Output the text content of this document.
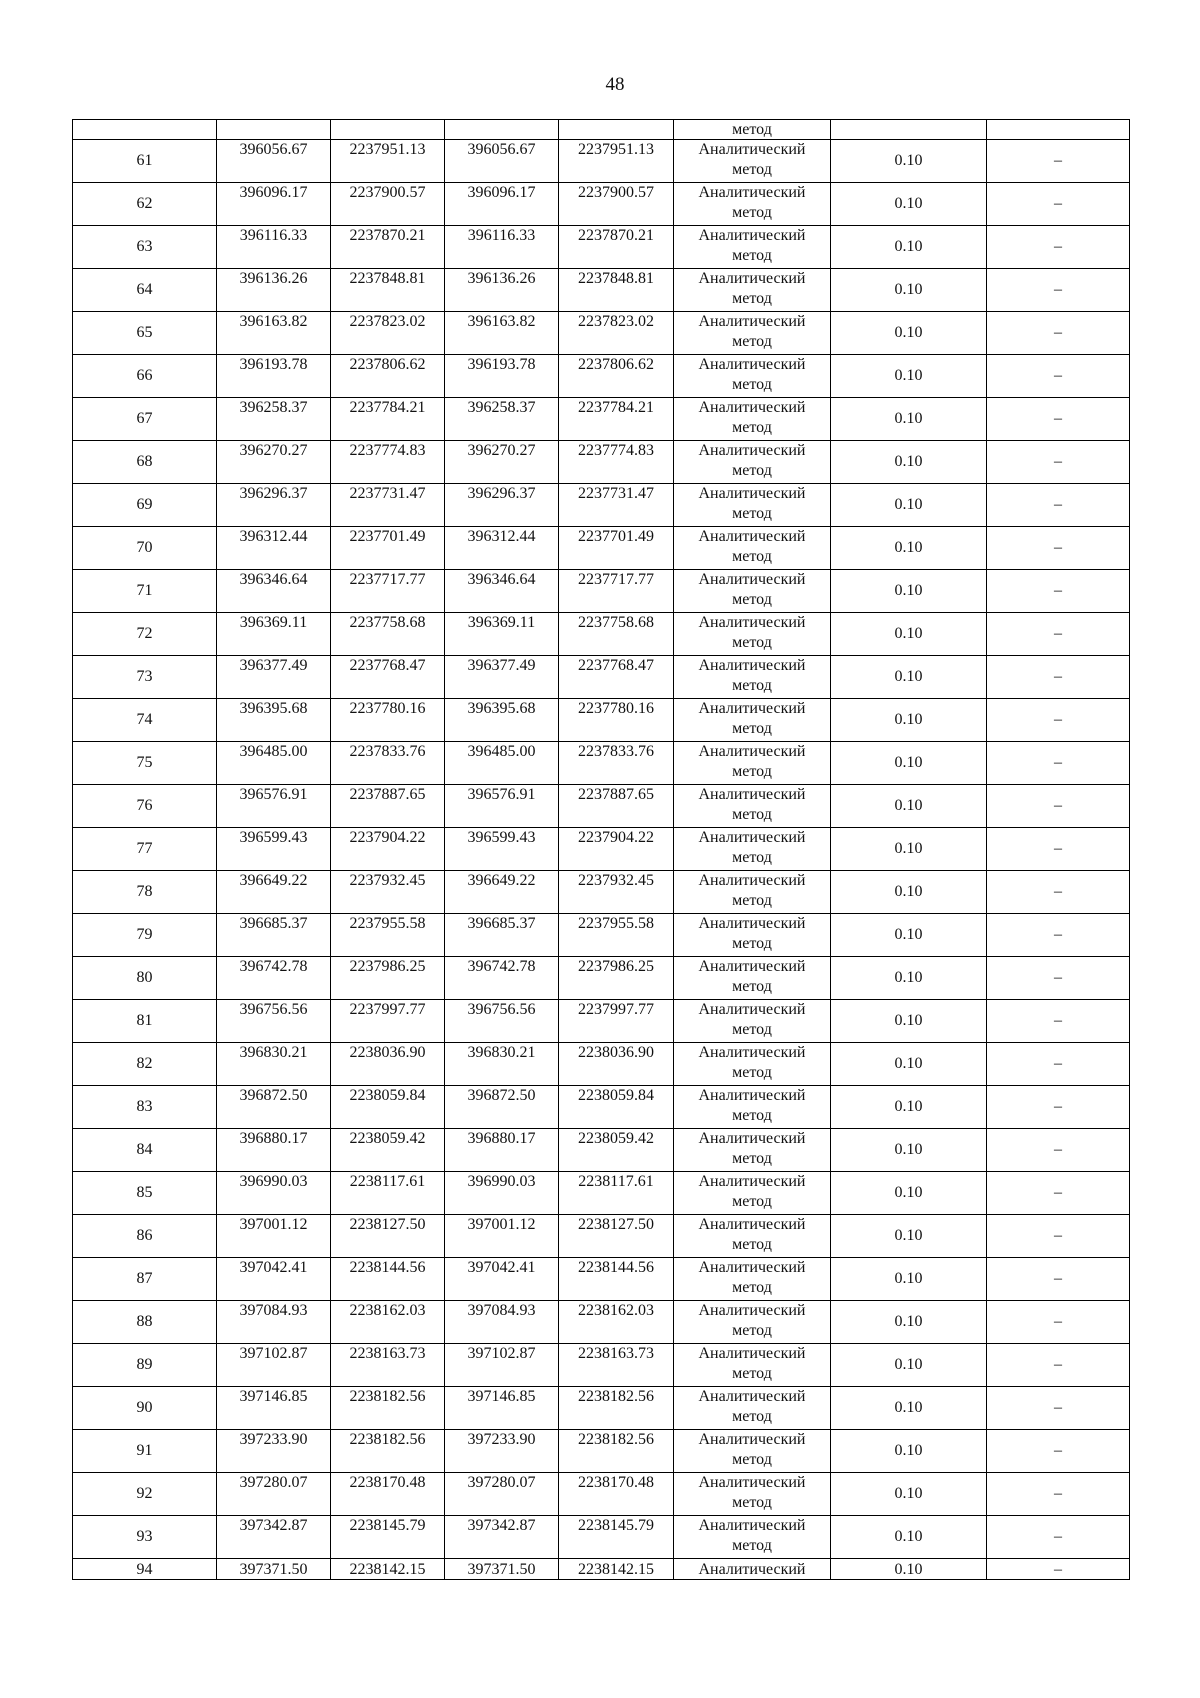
48
					метод		
61	396056.67	2237951.13	396056.67	2237951.13	Аналитический
метод	0.10	–
62	396096.17	2237900.57	396096.17	2237900.57	Аналитический
метод	0.10	–
63	396116.33	2237870.21	396116.33	2237870.21	Аналитический
метод	0.10	–
64	396136.26	2237848.81	396136.26	2237848.81	Аналитический
метод	0.10	–
65	396163.82	2237823.02	396163.82	2237823.02	Аналитический
метод	0.10	–
66	396193.78	2237806.62	396193.78	2237806.62	Аналитический
метод	0.10	–
67	396258.37	2237784.21	396258.37	2237784.21	Аналитический
метод	0.10	–
68	396270.27	2237774.83	396270.27	2237774.83	Аналитический
метод	0.10	–
69	396296.37	2237731.47	396296.37	2237731.47	Аналитический
метод	0.10	–
70	396312.44	2237701.49	396312.44	2237701.49	Аналитический
метод	0.10	–
71	396346.64	2237717.77	396346.64	2237717.77	Аналитический
метод	0.10	–
72	396369.11	2237758.68	396369.11	2237758.68	Аналитический
метод	0.10	–
73	396377.49	2237768.47	396377.49	2237768.47	Аналитический
метод	0.10	–
74	396395.68	2237780.16	396395.68	2237780.16	Аналитический
метод	0.10	–
75	396485.00	2237833.76	396485.00	2237833.76	Аналитический
метод	0.10	–
76	396576.91	2237887.65	396576.91	2237887.65	Аналитический
метод	0.10	–
77	396599.43	2237904.22	396599.43	2237904.22	Аналитический
метод	0.10	–
78	396649.22	2237932.45	396649.22	2237932.45	Аналитический
метод	0.10	–
79	396685.37	2237955.58	396685.37	2237955.58	Аналитический
метод	0.10	–
80	396742.78	2237986.25	396742.78	2237986.25	Аналитический
метод	0.10	–
81	396756.56	2237997.77	396756.56	2237997.77	Аналитический
метод	0.10	–
82	396830.21	2238036.90	396830.21	2238036.90	Аналитический
метод	0.10	–
83	396872.50	2238059.84	396872.50	2238059.84	Аналитический
метод	0.10	–
84	396880.17	2238059.42	396880.17	2238059.42	Аналитический
метод	0.10	–
85	396990.03	2238117.61	396990.03	2238117.61	Аналитический
метод	0.10	–
86	397001.12	2238127.50	397001.12	2238127.50	Аналитический
метод	0.10	–
87	397042.41	2238144.56	397042.41	2238144.56	Аналитический
метод	0.10	–
88	397084.93	2238162.03	397084.93	2238162.03	Аналитический
метод	0.10	–
89	397102.87	2238163.73	397102.87	2238163.73	Аналитический
метод	0.10	–
90	397146.85	2238182.56	397146.85	2238182.56	Аналитический
метод	0.10	–
91	397233.90	2238182.56	397233.90	2238182.56	Аналитический
метод	0.10	–
92	397280.07	2238170.48	397280.07	2238170.48	Аналитический
метод	0.10	–
93	397342.87	2238145.79	397342.87	2238145.79	Аналитический
метод	0.10	–
94	397371.50	2238142.15	397371.50	2238142.15	Аналитический	0.10	–
